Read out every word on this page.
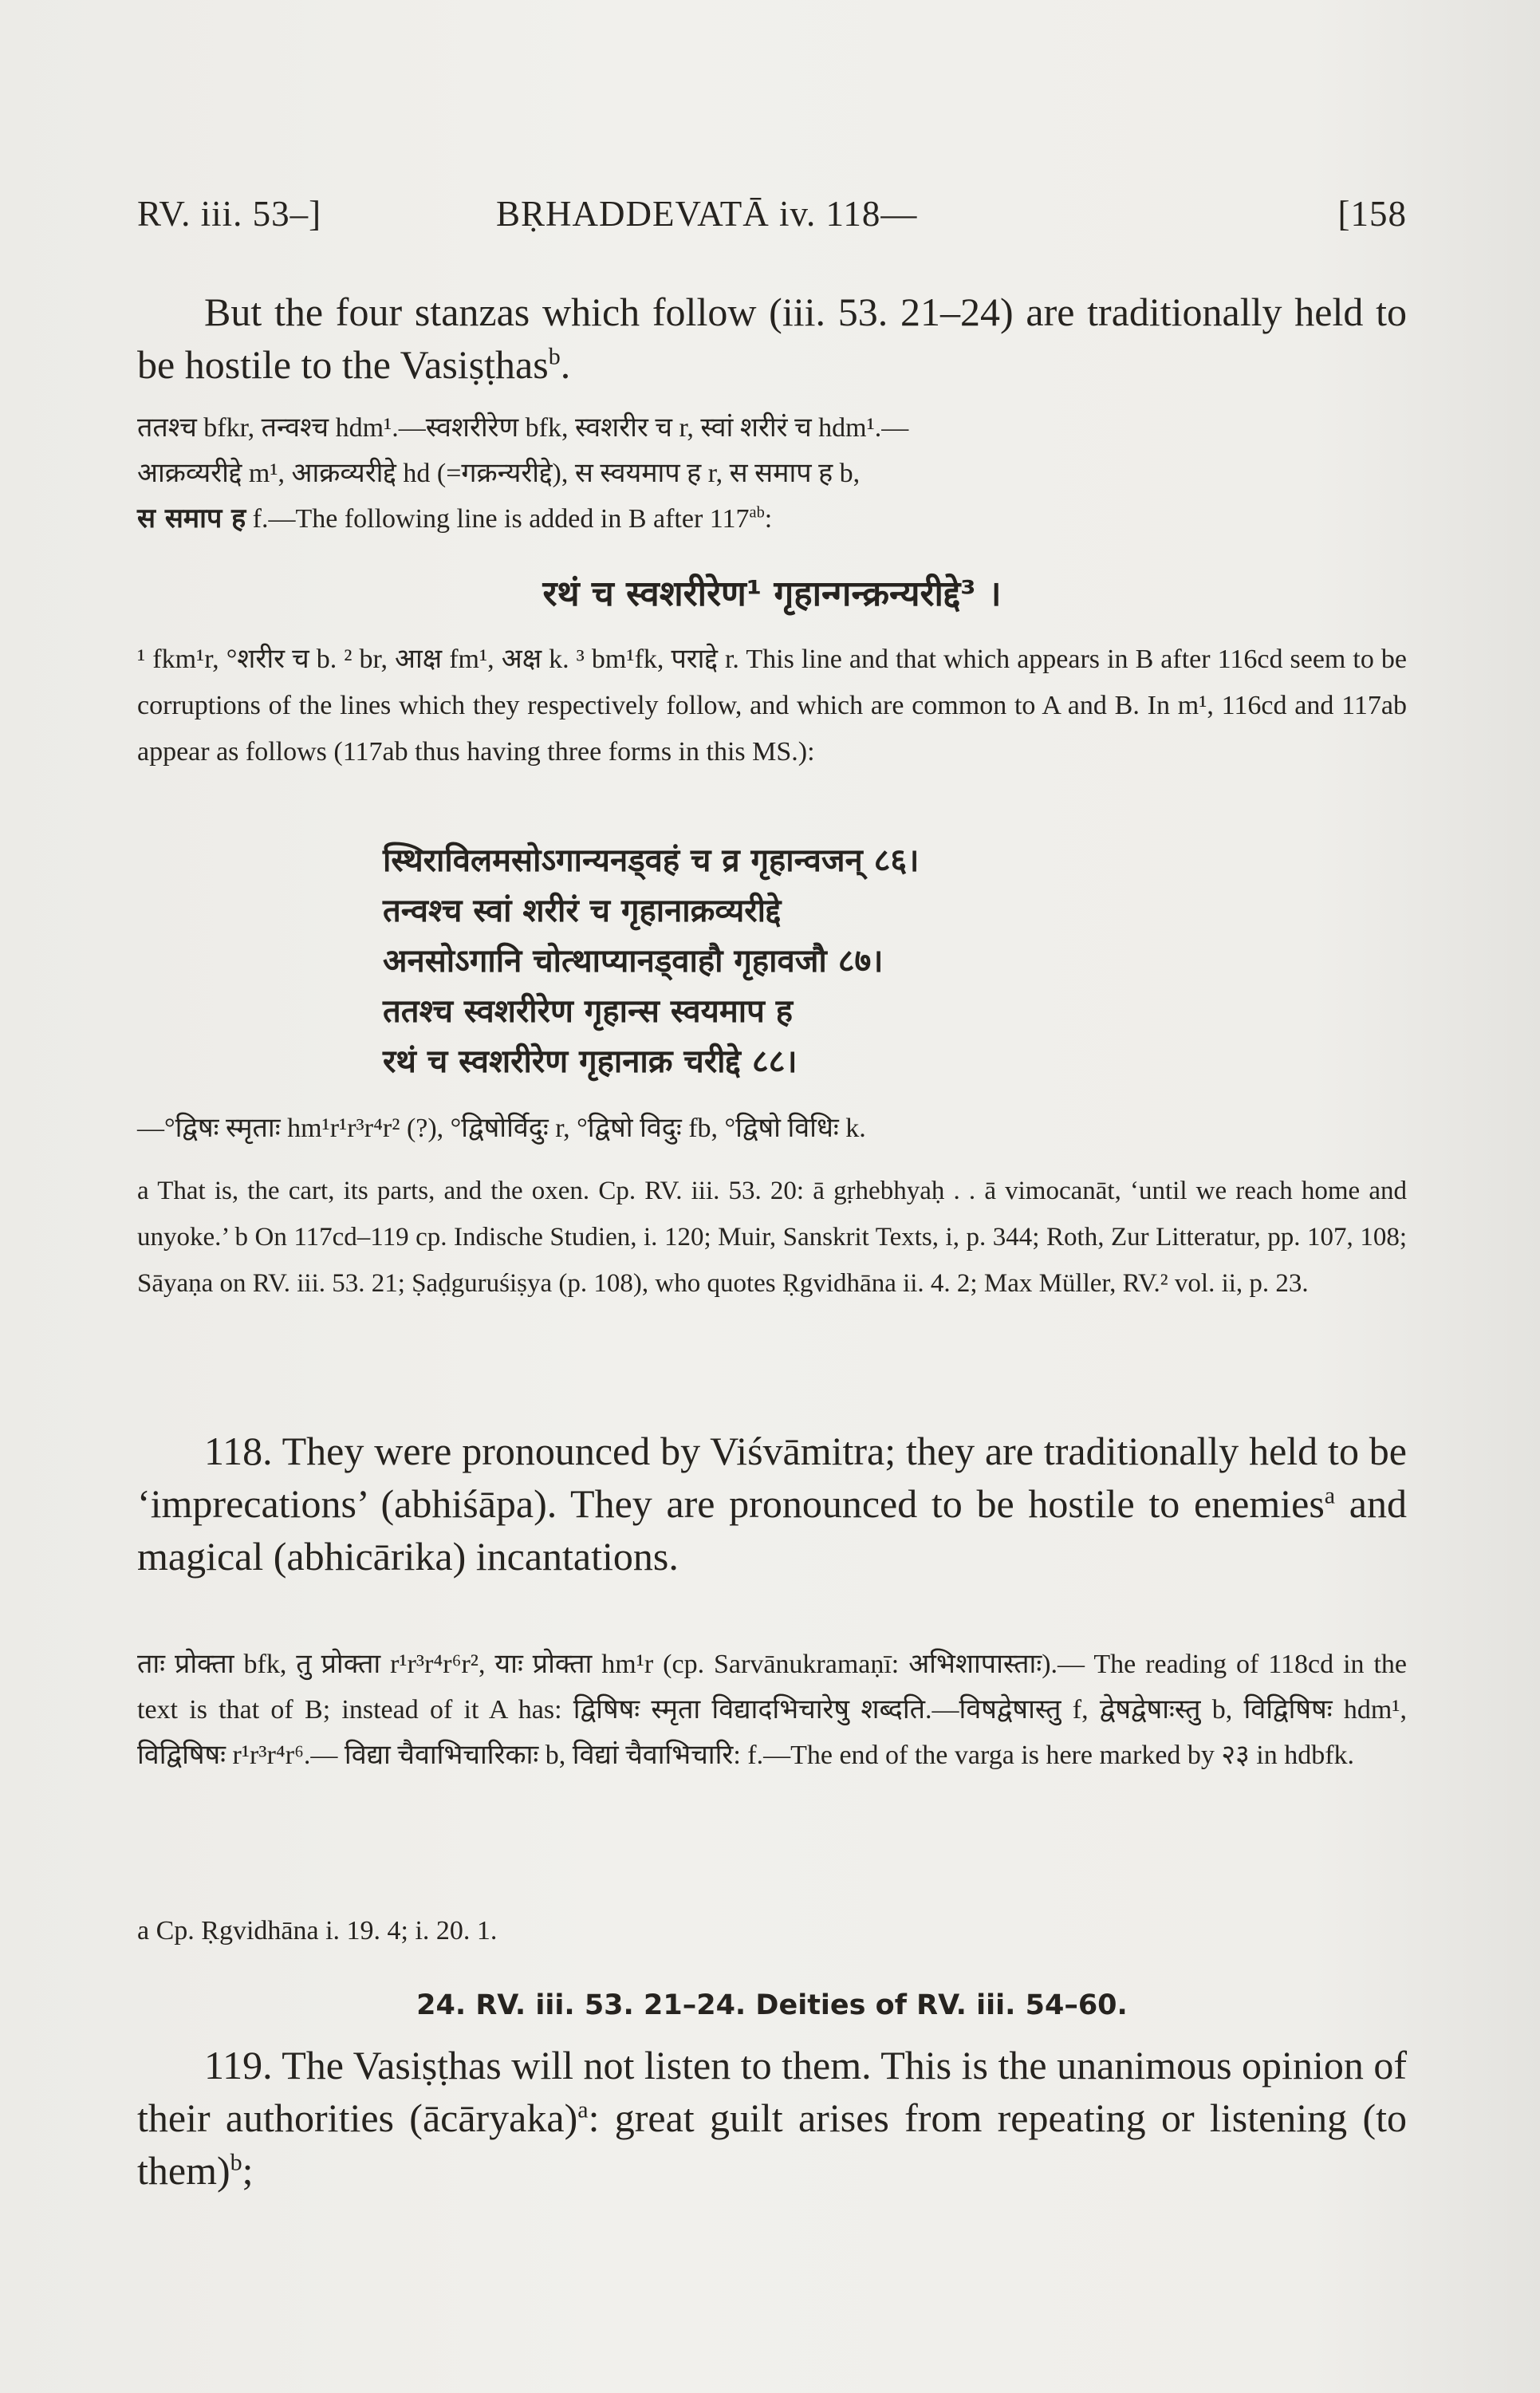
RV. iii. 53–]	BṚHADDEVATĀ iv. 118—	[158
But the four stanzas which follow (iii. 53. 21–24) are traditionally held to be hostile to the Vasiṣṭhas$^b$.
ततश्च bfkr, तन्वश्च hdm¹.—स्वशरीरेण bfk, स्वशरीर च r, स्वां शरीरं च hdm¹.—
आक्रव्यरीद्दे m¹, आक्रव्यरीद्दे hd (=गक्रन्यरीद्दे), स स्वयमाप ह r, स समाप ह b,
स समाप ह f.—The following line is added in B after $117^{ab}$:
रथं च स्वशरीरेण¹ गृहान्गन्क्रन्यरीद्दे³ ।
¹ fkm¹r, °शरीर च b. ² br, आक्ष fm¹, अक्ष k. ³ bm¹fk, पराद्दे r. This line and that which appears in B after 116cd seem to be corruptions of the lines which they respectively follow, and which are common to A and B. In m¹, 116cd and 117ab appear as follows (117ab thus having three forms in this MS.):
स्थिराविलमसोऽगान्यनड्वहं च व्र गृहान्वजन् ८६।
तन्वश्च स्वां शरीरं च गृहानाक्रव्यरीद्दे
अनसोऽगानि चोत्थाप्यानड्वाहौ गृहावजौ ८७।
ततश्च स्वशरीरेण गृहान्स स्वयमाप ह
रथं च स्वशरीरेण गृहानाक्र चरीद्दे ८८।
—°द्विषः स्मृताः hm¹r¹r³r⁴r² (?), °द्विषोर्विदुः r, °द्विषो विदुः fb, °द्विषो विधिः k.
a That is, the cart, its parts, and the oxen. Cp. RV. iii. 53. 20: ā gṛhebhyaḥ . . ā vimocanāt, ‘until we reach home and unyoke.’ b On 117cd–119 cp. Indische Studien, i. 120; Muir, Sanskrit Texts, i, p. 344; Roth, Zur Litteratur, pp. 107, 108; Sāyaṇa on RV. iii. 53. 21; Ṣaḍguruśiṣya (p. 108), who quotes Ṛgvidhāna ii. 4. 2; Max Müller, RV.² vol. ii, p. 23.
118. They were pronounced by Viśvāmitra; they are traditionally held to be ‘imprecations’ (abhiśāpa). They are pronounced to be hostile to enemies$^a$ and magical (abhicārika) incantations.
ताः प्रोक्ता bfk, तु प्रोक्ता r¹r³r⁴r⁶r², याः प्रोक्ता hm¹r (cp. Sarvānukramaṇī: अभिशापास्ताः).— The reading of 118cd in the text is that of B; instead of it A has: द्विषिषः स्मृता विद्यादभिचारेषु शब्दति.—विषद्वेषास्तु f, द्वेषद्वेषाःस्तु b, विद्विषिषः hdm¹, विद्विषिषः r¹r³r⁴r⁶.— विद्या चैवाभिचारिकाः b, विद्यां चैवाभिचारि: f.—The end of the varga is here marked by २३ in hdbfk.
a Cp. Ṛgvidhāna i. 19. 4; i. 20. 1.
24. RV. iii. 53. 21–24. Deities of RV. iii. 54–60.
119. The Vasiṣṭhas will not listen to them. This is the unanimous opinion of their authorities (ācāryaka)$^a$: great guilt arises from repeating or listening (to them)$^b$;
